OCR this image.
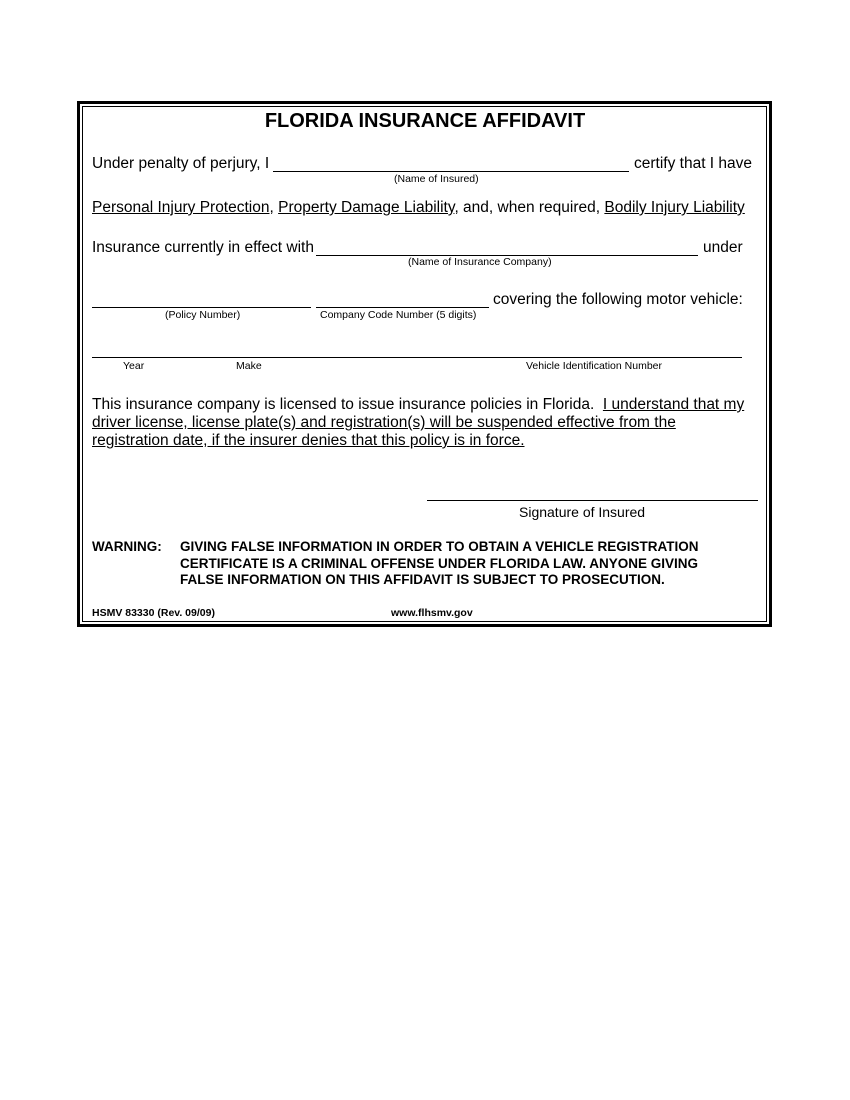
FLORIDA INSURANCE AFFIDAVIT
Under penalty of perjury, I	certify that I have
(Name of Insured)
Personal Injury Protection, Property Damage Liability, and, when required, Bodily Injury Liability
Insurance currently in effect with	under
(Name of Insurance Company)
covering the following motor vehicle:
(Policy Number)	Company Code Number (5 digits)
Year	Make	Vehicle Identification Number
This insurance company is licensed to issue insurance policies in Florida. I understand that my driver license, license plate(s) and registration(s) will be suspended effective from the registration date, if the insurer denies that this policy is in force.
Signature of Insured
WARNING: GIVING FALSE INFORMATION IN ORDER TO OBTAIN A VEHICLE REGISTRATION CERTIFICATE IS A CRIMINAL OFFENSE UNDER FLORIDA LAW. ANYONE GIVING FALSE INFORMATION ON THIS AFFIDAVIT IS SUBJECT TO PROSECUTION.
HSMV 83330 (Rev. 09/09)	www.flhsmv.gov
